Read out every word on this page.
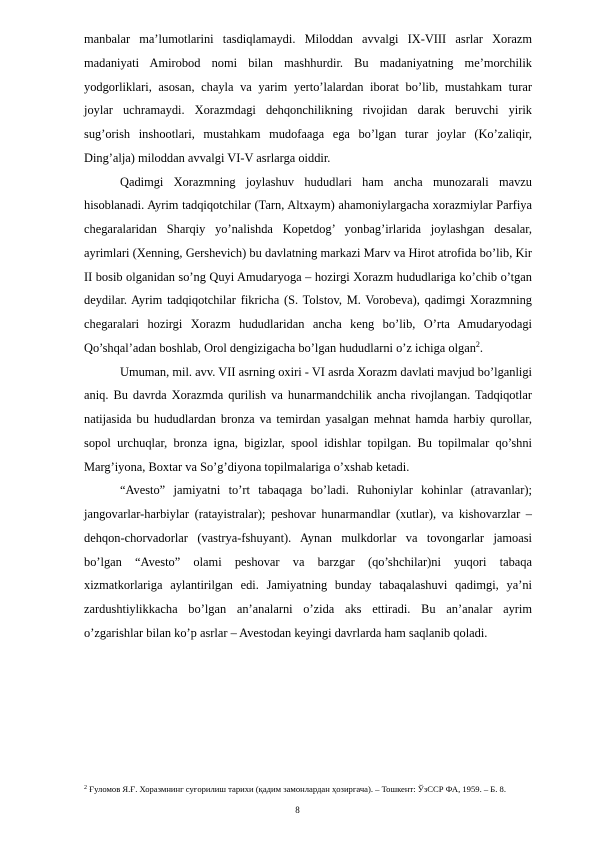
manbalar ma’lumotlarini tasdiqlamaydi. Miloddan avvalgi IX-VIII asrlar Xorazm madaniyati Amirobod nomi bilan mashhurdir. Bu madaniyatning me’morchilik yodgorliklari, asosan, chayla va yarim yerto’lalardan iborat bo’lib, mustahkam turar joylar uchramaydi. Xorazmdagi dehqonchilikning rivojidan darak beruvchi yirik sug’orish inshootlari, mustahkam mudofaaga ega bo’lgan turar joylar (Ko’zaliqir, Ding’alja) miloddan avvalgi VI-V asrlarga oiddir.

Qadimgi Xorazmning joylashuv hududlari ham ancha munozarali mavzu hisoblanadi. Ayrim tadqiqotchilar (Tarn, Altxaym) ahamoniylargacha xorazmiylar Parfiya chegaralaridan Sharqiy yo’nalishda Kopetdog’ yonbag’irlarida joylashgan desalar, ayrimlari (Xenning, Gershevich) bu davlatning markazi Marv va Hirot atrofida bo’lib, Kir II bosib olganidan so’ng Quyi Amudaryoga – hozirgi Xorazm hududlariga ko’chib o’tgan deydilar. Ayrim tadqiqotchilar fikricha (S. Tolstov, M. Vorobeva), qadimgi Xorazmning chegaralari hozirgi Xorazm hududlaridan ancha keng bo’lib, O’rta Amudaryodagi Qo’shqal’adan boshlab, Orol dengizigacha bo’lgan hududlarni o’z ichiga olgan$^2$.

Umuman, mil. avv. VII asrning oxiri - VI asrda Xorazm davlati mavjud bo’lganligi aniq. Bu davrda Xorazmda qurilish va hunarmandchilik ancha rivojlangan. Tadqiqotlar natijasida bu hududlardan bronza va temirdan yasalgan mehnat hamda harbiy qurollar, sopol urchuqlar, bronza igna, bigizlar, spool idishlar topilgan. Bu topilmalar qo’shni Marg’iyona, Boxtar va So’g’diyona topilmalariga o’xshab ketadi.

“Avesto” jamiyatni to’rt tabaqaga bo’ladi. Ruhoniylar kohinlar (atravanlar); jangovarlar-harbiylar (ratayistralar); peshovar hunarmandlar (xutlar), va kishovarzlar – dehqon-chorvadorlar (vastrya-fshuyant). Aynan mulkdorlar va tovongarlar jamoasi bo’lgan “Avesto” olami peshovar va barzgar (qo’shchilar)ni yuqori tabaqa xizmatkorlariga aylantirilgan edi. Jamiyatning bunday tabaqalashuvi qadimgi, ya’ni zardushtiylikkacha bo’lgan an’analarni o’zida aks ettiradi. Bu an’analar ayrim o’zgarishlar bilan ko’p asrlar – Avestodan keyingi davrlarda ham saqlanib qoladi.

$^2$ Ғуломов Я.Ғ. Хоразмнинг суғорилиш тарихи (қадим замонлардан ҳозиргача). – Тошкент: ЎзССР ФА, 1959. – Б. 8.
8
